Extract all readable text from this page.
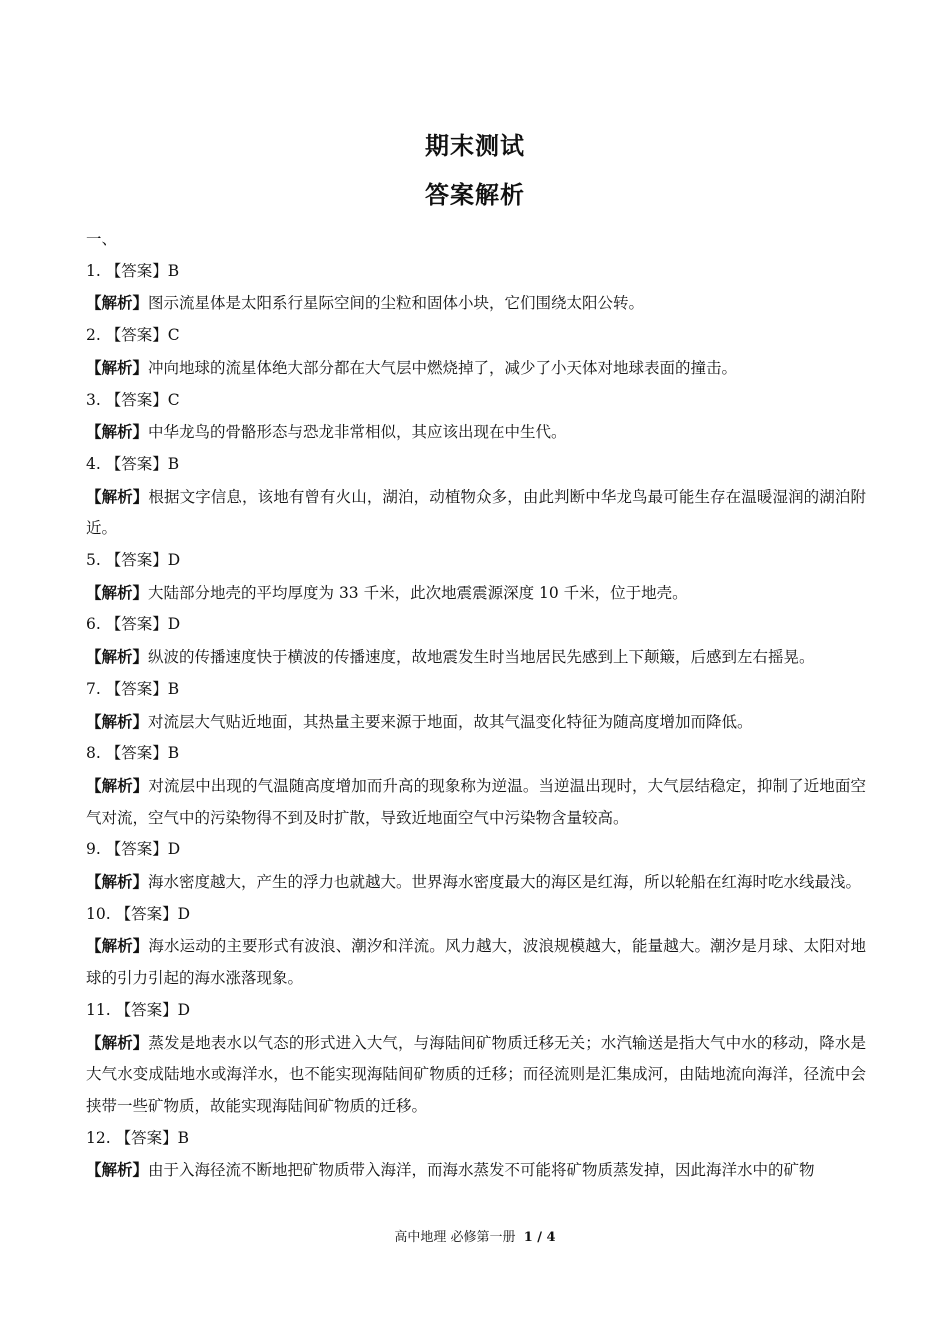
期末测试
答案解析
一、
1. 【答案】B
【解析】图示流星体是太阳系行星际空间的尘粒和固体小块，它们围绕太阳公转。
2. 【答案】C
【解析】冲向地球的流星体绝大部分都在大气层中燃烧掉了，减少了小天体对地球表面的撞击。
3. 【答案】C
【解析】中华龙鸟的骨骼形态与恐龙非常相似，其应该出现在中生代。
4. 【答案】B
【解析】根据文字信息，该地有曾有火山，湖泊，动植物众多，由此判断中华龙鸟最可能生存在温暖湿润的湖泊附近。
5. 【答案】D
【解析】大陆部分地壳的平均厚度为 33 千米，此次地震震源深度 10 千米，位于地壳。
6. 【答案】D
【解析】纵波的传播速度快于横波的传播速度，故地震发生时当地居民先感到上下颠簸，后感到左右摇晃。
7. 【答案】B
【解析】对流层大气贴近地面，其热量主要来源于地面，故其气温变化特征为随高度增加而降低。
8. 【答案】B
【解析】对流层中出现的气温随高度增加而升高的现象称为逆温。当逆温出现时，大气层结稳定，抑制了近地面空气对流，空气中的污染物得不到及时扩散，导致近地面空气中污染物含量较高。
9. 【答案】D
【解析】海水密度越大，产生的浮力也就越大。世界海水密度最大的海区是红海，所以轮船在红海时吃水线最浅。
10. 【答案】D
【解析】海水运动的主要形式有波浪、潮汐和洋流。风力越大，波浪规模越大，能量越大。潮汐是月球、太阳对地球的引力引起的海水涨落现象。
11. 【答案】D
【解析】蒸发是地表水以气态的形式进入大气，与海陆间矿物质迁移无关；水汽输送是指大气中水的移动，降水是大气水变成陆地水或海洋水，也不能实现海陆间矿物质的迁移；而径流则是汇集成河，由陆地流向海洋，径流中会挟带一些矿物质，故能实现海陆间矿物质的迁移。
12. 【答案】B
【解析】由于入海径流不断地把矿物质带入海洋，而海水蒸发不可能将矿物质蒸发掉，因此海洋水中的矿物
高中地理 必修第一册 1 / 4
